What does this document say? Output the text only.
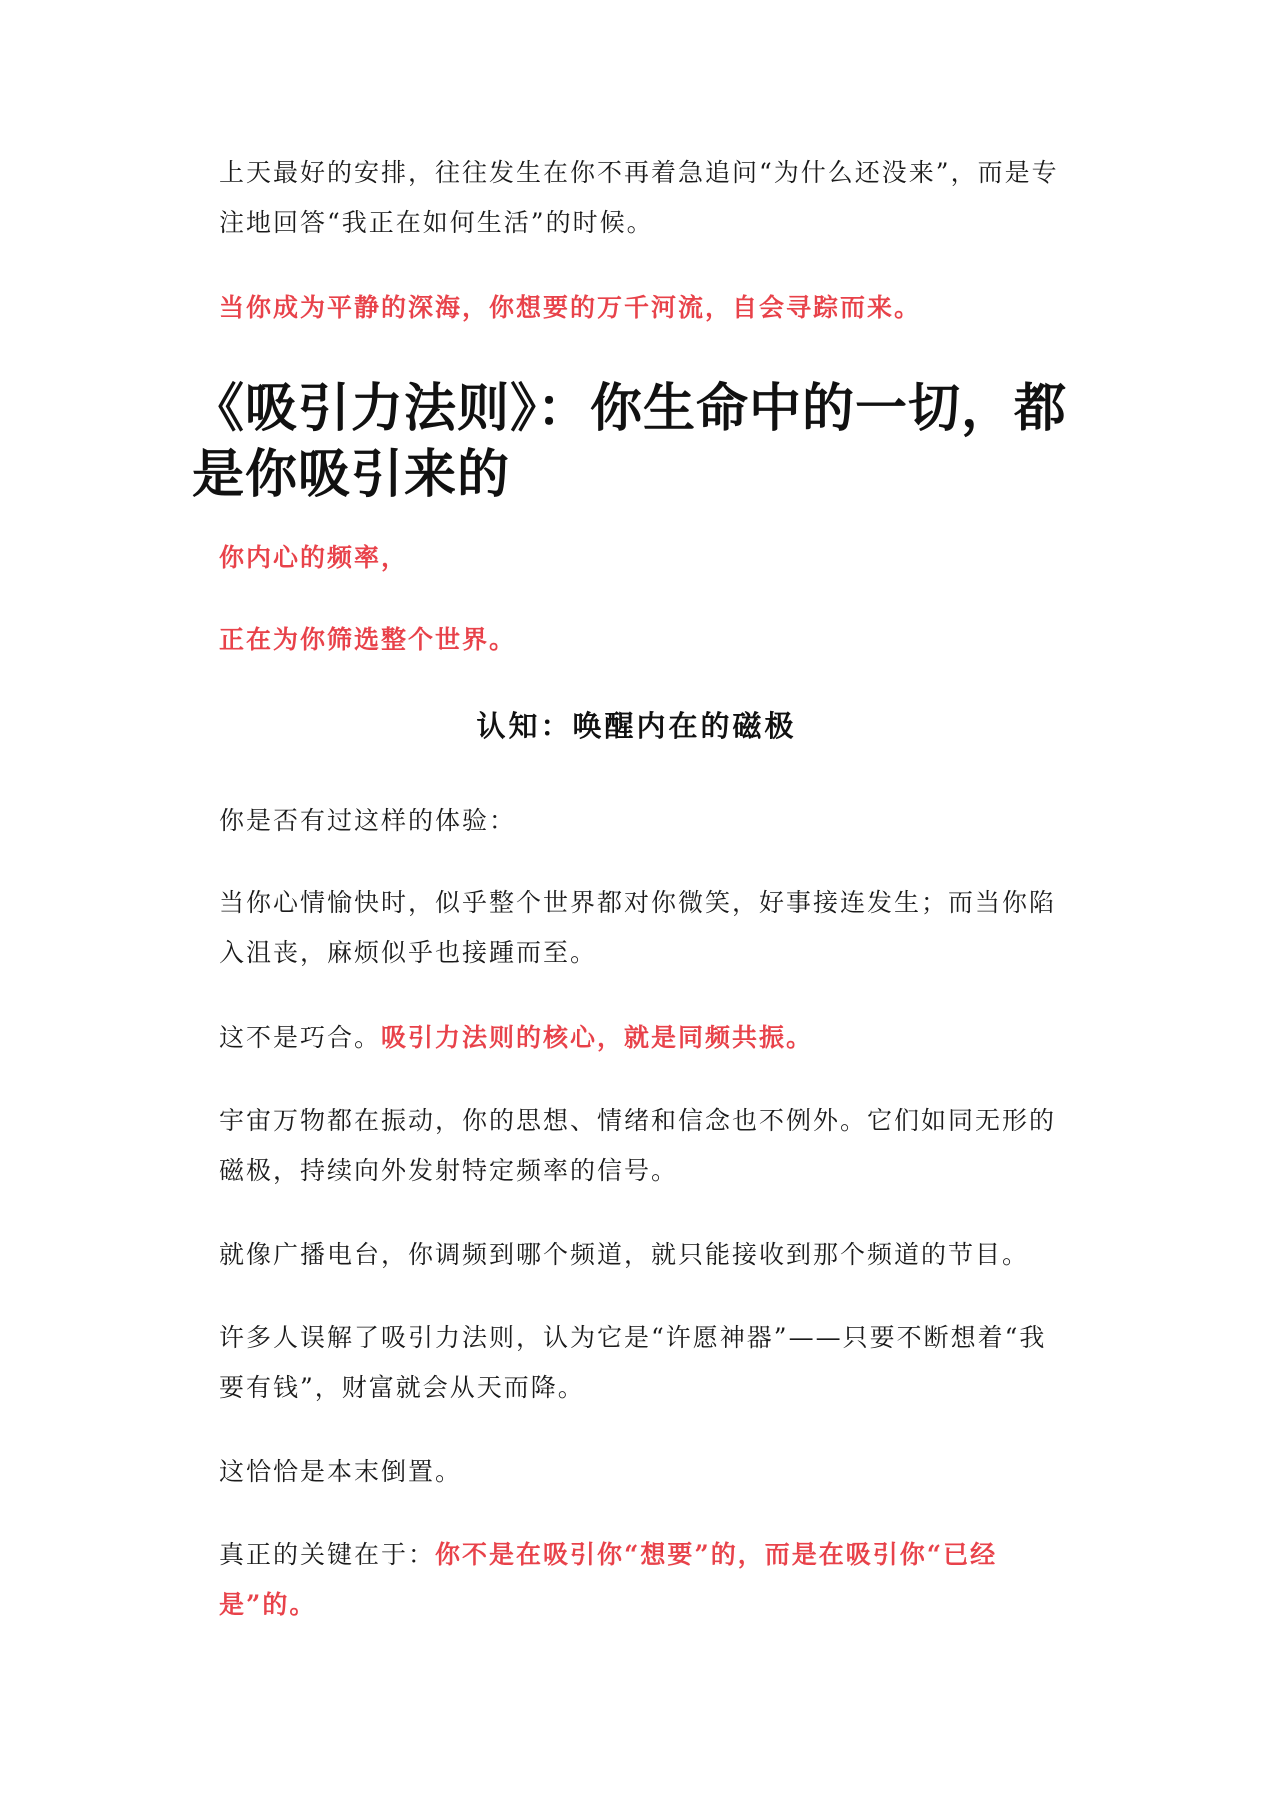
上天最好的安排，往往发生在你不再着急追问“为什么还没来”，而是专注地回答“我正在如何生活”的时候。

当你成为平静的深海，你想要的万千河流，自会寻踪而来。

《吸引力法则》：你生命中的一切，都是你吸引来的

你内心的频率，

正在为你筛选整个世界。

认知：唤醒内在的磁极

你是否有过这样的体验：

当你心情愉快时，似乎整个世界都对你微笑，好事接连发生；而当你陷入沮丧，麻烦似乎也接踵而至。

这不是巧合。吸引力法则的核心，就是同频共振。

宇宙万物都在振动，你的思想、情绪和信念也不例外。它们如同无形的磁极，持续向外发射特定频率的信号。

就像广播电台，你调频到哪个频道，就只能接收到那个频道的节目。

许多人误解了吸引力法则，认为它是“许愿神器”——只要不断想着“我要有钱”，财富就会从天而降。

这恰恰是本末倒置。

真正的关键在于：你不是在吸引你“想要”的，而是在吸引你“已经是”的。
